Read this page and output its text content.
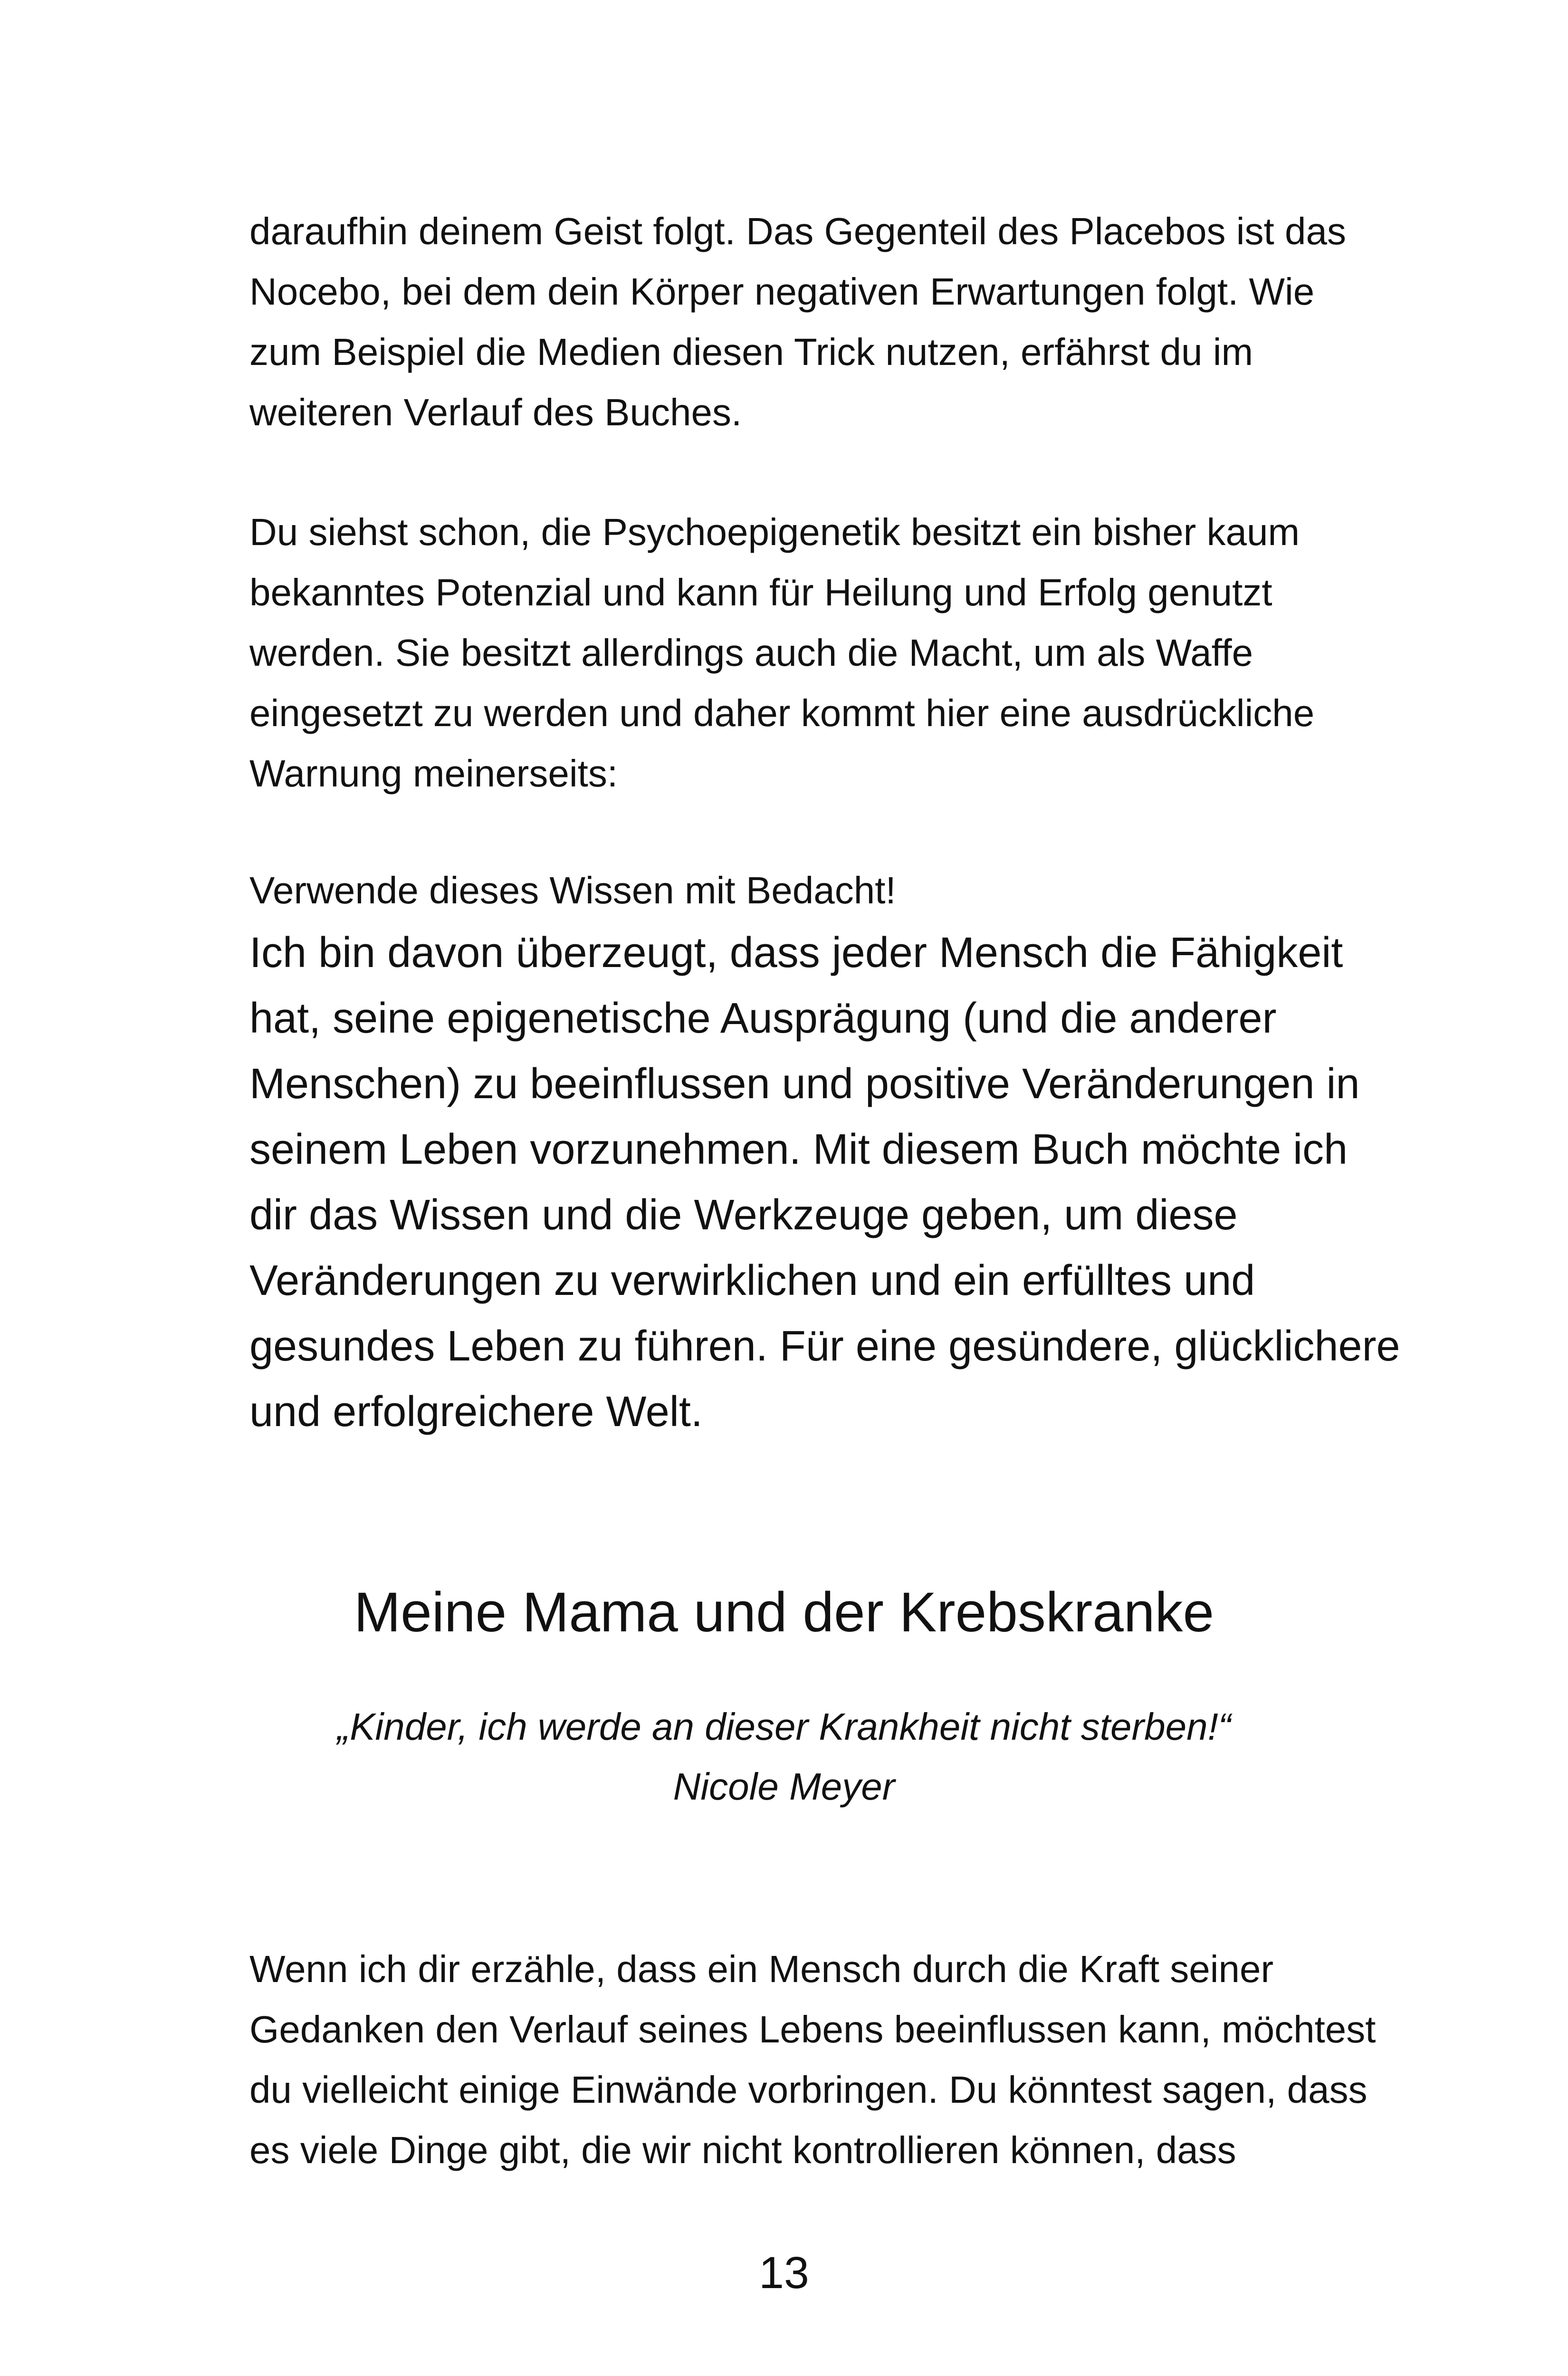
daraufhin deinem Geist folgt. Das Gegenteil des Placebos ist das
Nocebo, bei dem dein Körper negativen Erwartungen folgt. Wie
zum Beispiel die Medien diesen Trick nutzen, erfährst du im
weiteren Verlauf des Buches.
Du siehst schon, die Psychoepigenetik besitzt ein bisher kaum
bekanntes Potenzial und kann für Heilung und Erfolg genutzt
werden. Sie besitzt allerdings auch die Macht, um als Waffe
eingesetzt zu werden und daher kommt hier eine ausdrückliche
Warnung meinerseits:
Verwende dieses Wissen mit Bedacht!
Ich bin davon überzeugt, dass jeder Mensch die Fähigkeit
hat, seine epigenetische Ausprägung (und die anderer
Menschen) zu beeinflussen und positive Veränderungen in
seinem Leben vorzunehmen. Mit diesem Buch möchte ich
dir das Wissen und die Werkzeuge geben, um diese
Veränderungen zu verwirklichen und ein erfülltes und
gesundes Leben zu führen. Für eine gesündere, glücklichere
und erfolgreichere Welt.
Meine Mama und der Krebskranke

„Kinder, ich werde an dieser Krankheit nicht sterben!“

Nicole Meyer

Wenn ich dir erzähle, dass ein Mensch durch die Kraft seiner
Gedanken den Verlauf seines Lebens beeinflussen kann, möchtest
du vielleicht einige Einwände vorbringen. Du könntest sagen, dass
es viele Dinge gibt, die wir nicht kontrollieren können, dass
13
